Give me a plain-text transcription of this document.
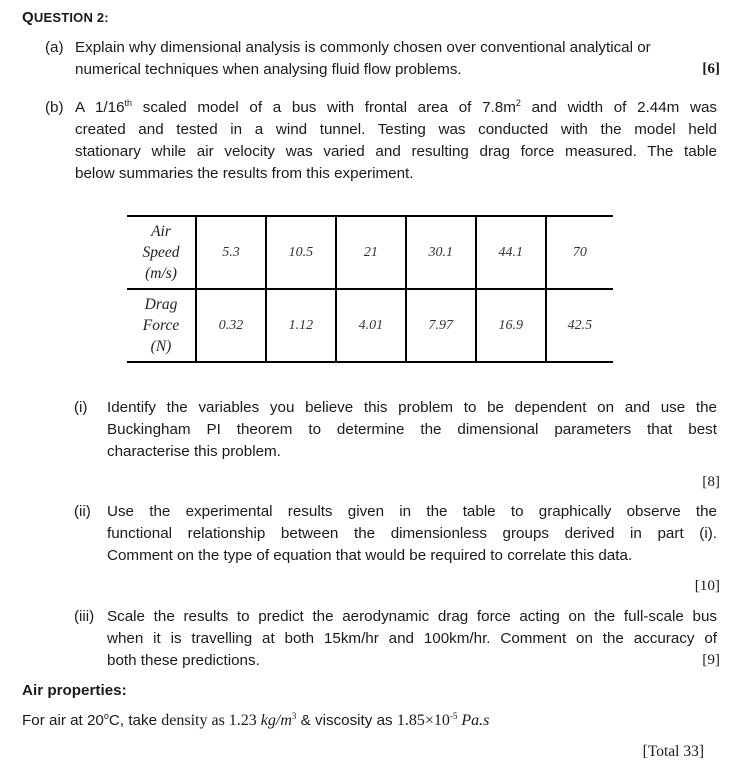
QUESTION 2:
(a) Explain why dimensional analysis is commonly chosen over conventional analytical or
numerical techniques when analysing fluid flow problems.	[6]
(b) A 1/16th scaled model of a bus with frontal area of $7.8m^2$ and width of 2.44m was
created and tested in a wind tunnel. Testing was conducted with the model held
stationary while air velocity was varied and resulting drag force measured. The table
below summaries the results from this experiment.
Air
Speed
(m/s)	5.3	10.5	21	30.1	44.1	70

Drag
Force
(N)	0.32	1.12	4.01	7.97	16.9	42.5
(i) Identify the variables you believe this problem to be dependent on and use the
Buckingham PI theorem to determine the dimensional parameters that best
characterise this problem.
[8]
(ii) Use the experimental results given in the table to graphically observe the
functional relationship between the dimensionless groups derived in part (i).
Comment on the type of equation that would be required to correlate this data.
[10]
(iii) Scale the results to predict the aerodynamic drag force acting on the full-scale bus
when it is travelling at both 15km/hr and 100km/hr. Comment on the accuracy of
both these predictions.	[9]
Air properties:
For air at 20$^o$C, take density as 1.23 $kg/m^3$ & viscosity as $1.85\times 10^{-5}$ Pa.s
[Total 33]
